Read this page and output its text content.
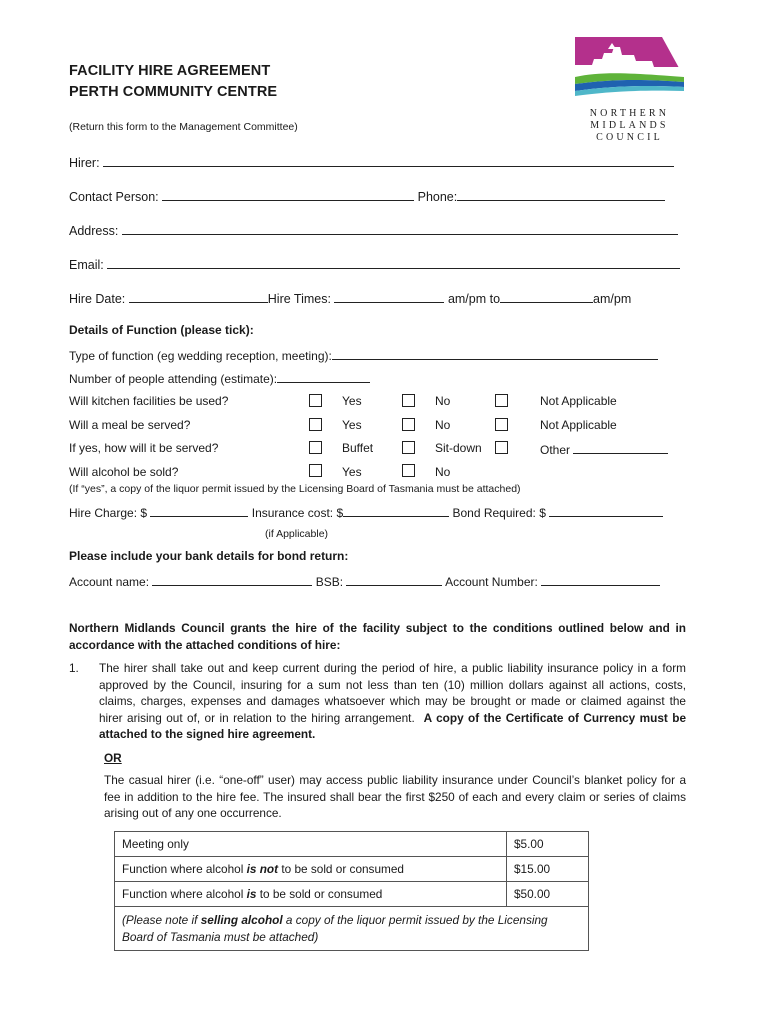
FACILITY HIRE AGREEMENT
PERTH COMMUNITY CENTRE
(Return this form to the Management Committee)
NORTHERN
MIDLANDS
COUNCIL
Hirer:
Contact Person:	Phone:
Address:
Email:
Hire Date:	Hire Times:	am/pm to	am/pm
Details of Function (please tick):
Type of function (eg wedding reception, meeting):
Number of people attending (estimate):
Will kitchen facilities be used?	Yes	No	Not Applicable
Will a meal be served?	Yes	No	Not Applicable
If yes, how will it be served?	Buffet	Sit-down	Other
Will alcohol be sold?	Yes	No
(If “yes”, a copy of the liquor permit issued by the Licensing Board of Tasmania must be attached)
Hire Charge: $	Insurance cost: $	Bond Required: $
(if Applicable)
Please include your bank details for bond return:
Account name:	BSB:	Account Number:
Northern Midlands Council grants the hire of the facility subject to the conditions outlined below and in accordance with the attached conditions of hire:
1. The hirer shall take out and keep current during the period of hire, a public liability insurance policy in a form approved by the Council, insuring for a sum not less than ten (10) million dollars against all actions, costs, claims, charges, expenses and damages whatsoever which may be brought or made or claimed against the hirer arising out of, or in relation to the hiring arrangement. A copy of the Certificate of Currency must be attached to the signed hire agreement.
OR
The casual hirer (i.e. “one-off” user) may access public liability insurance under Council’s blanket policy for a fee in addition to the hire fee. The insured shall bear the first $250 of each and every claim or series of claims arising out of any one occurrence.
Meeting only	$5.00
Function where alcohol is not to be sold or consumed	$15.00
Function where alcohol is to be sold or consumed	$50.00
(Please note if selling alcohol a copy of the liquor permit issued by the Licensing Board of Tasmania must be attached)	
